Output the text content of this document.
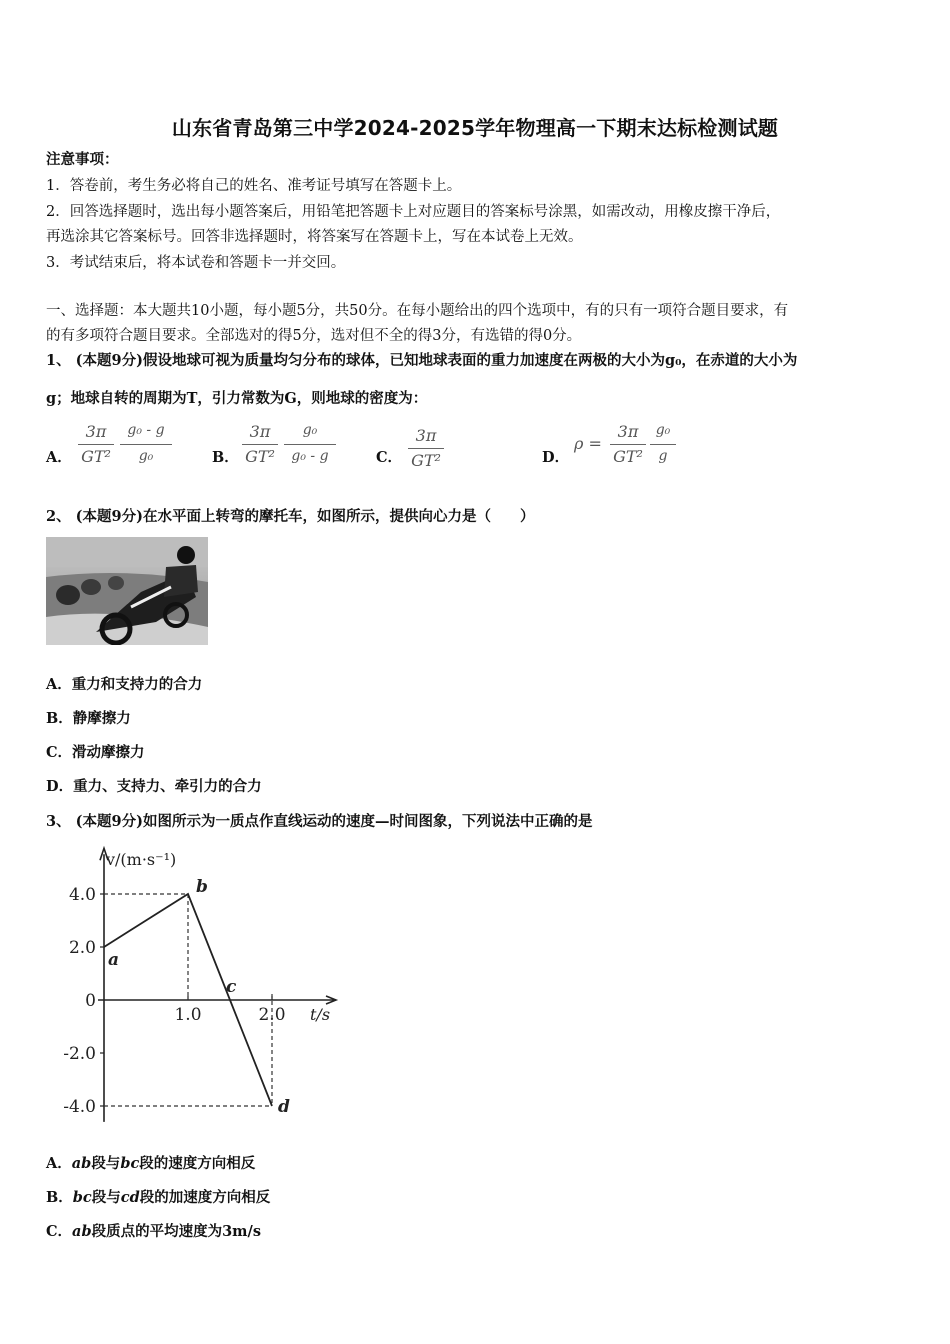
山东省青岛第三中学2024-2025学年物理高一下期末达标检测试题
注意事项：
1．答卷前，考生务必将自己的姓名、准考证号填写在答题卡上。
2．回答选择题时，选出每小题答案后，用铅笔把答题卡上对应题目的答案标号涂黑，如需改动，用橡皮擦干净后，
再选涂其它答案标号。回答非选择题时，将答案写在答题卡上，写在本试卷上无效。
3．考试结束后，将本试卷和答题卡一并交回。
一、选择题：本大题共10小题，每小题5分，共50分。在每小题给出的四个选项中，有的只有一项符合题目要求，有
的有多项符合题目要求。全部选对的得5分，选对但不全的得3分，有选错的得0分。
1、 (本题9分)假设地球可视为质量均匀分布的球体，已知地球表面的重力加速度在两极的大小为g₀，在赤道的大小为
g；地球自转的周期为T，引力常数为G，则地球的密度为：
A．
3π
GT²
g₀ - g
g₀	B．
3π
GT²
g₀
g₀ - g	C．
3π
GT²	D．
ρ =
3π
GT²
g₀
g
2、 (本题9分)在水平面上转弯的摩托车，如图所示，提供向心力是（　　）
A．重力和支持力的合力
B．静摩擦力
C．滑动摩擦力
D．重力、支持力、牵引力的合力
3、 (本题9分)如图所示为一质点作直线运动的速度—时间图象，下列说法中正确的是
v/(m·s⁻¹)
t/s
4.0
2.0
0
-2.0
-4.0
1.0	2.0
a
b
c
d
A．ab段与bc段的速度方向相反
B．bc段与cd段的加速度方向相反
C．ab段质点的平均速度为3m/s
